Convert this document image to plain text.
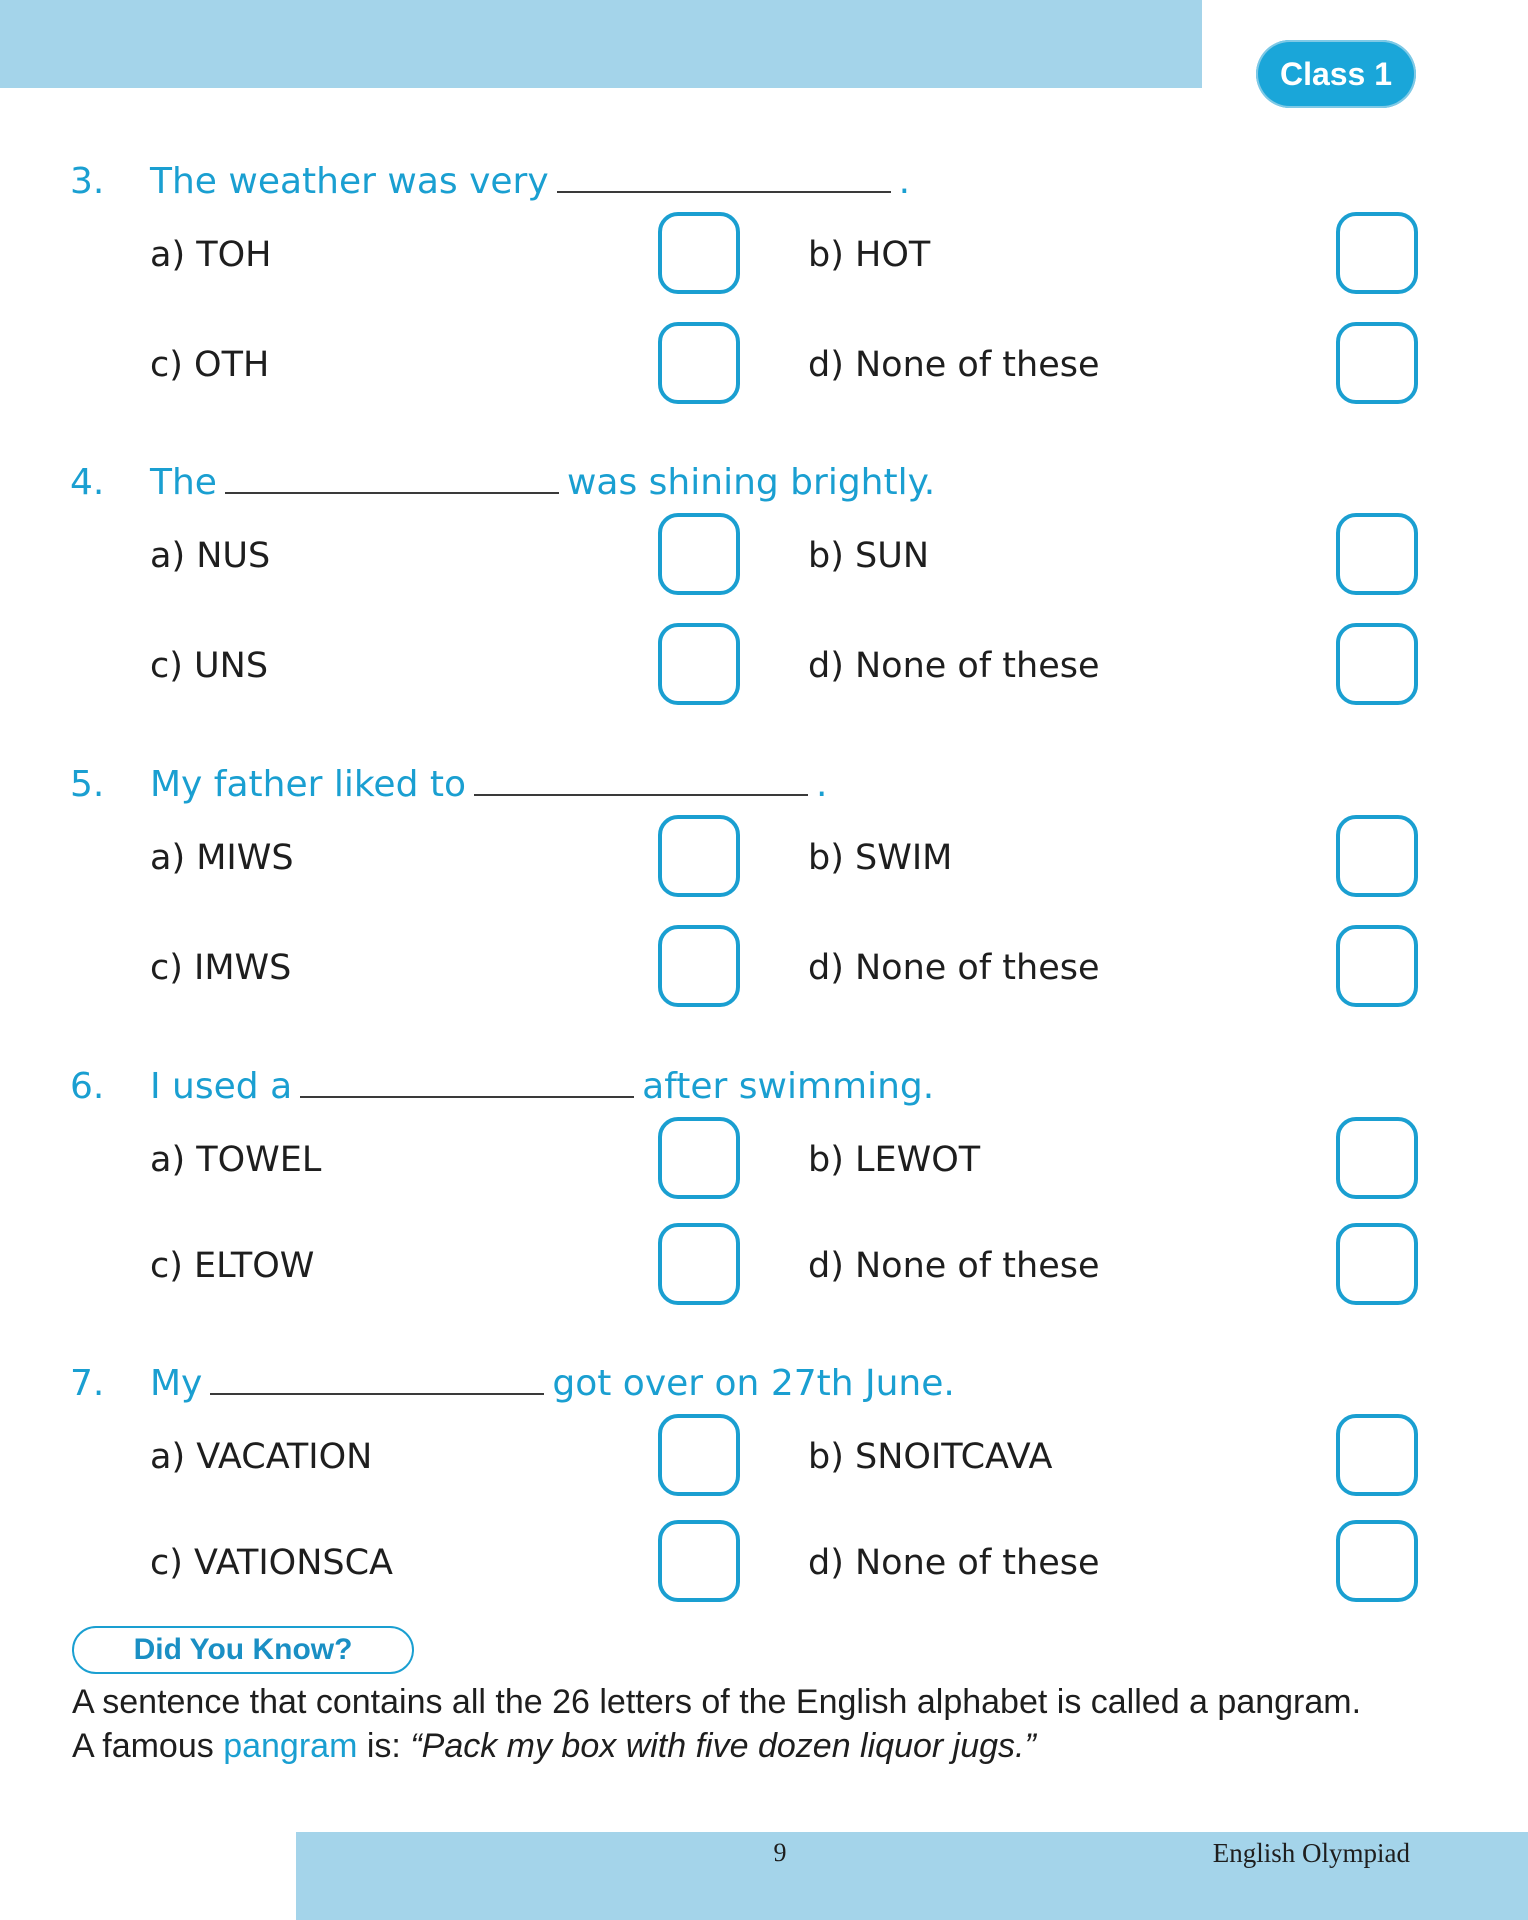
Class 1
3. The weather was very	.
a) TOH	b) HOT
c) OTH	d) None of these
4. The	was shining brightly.
a) NUS	b) SUN
c) UNS	d) None of these
5. My father liked to	.
a) MIWS	b) SWIM
c) IMWS	d) None of these
6. I used a	after swimming.
a) TOWEL	b) LEWOT
c) ELTOW	d) None of these
7. My	got over on 27th June.
a) VACATION	b) SNOITCAVA
c) VATIONSCA	d) None of these
Did You Know?
A sentence that contains all the 26 letters of the English alphabet is called a pangram.
A famous pangram is: “Pack my box with five dozen liquor jugs.”
9	English Olympiad
